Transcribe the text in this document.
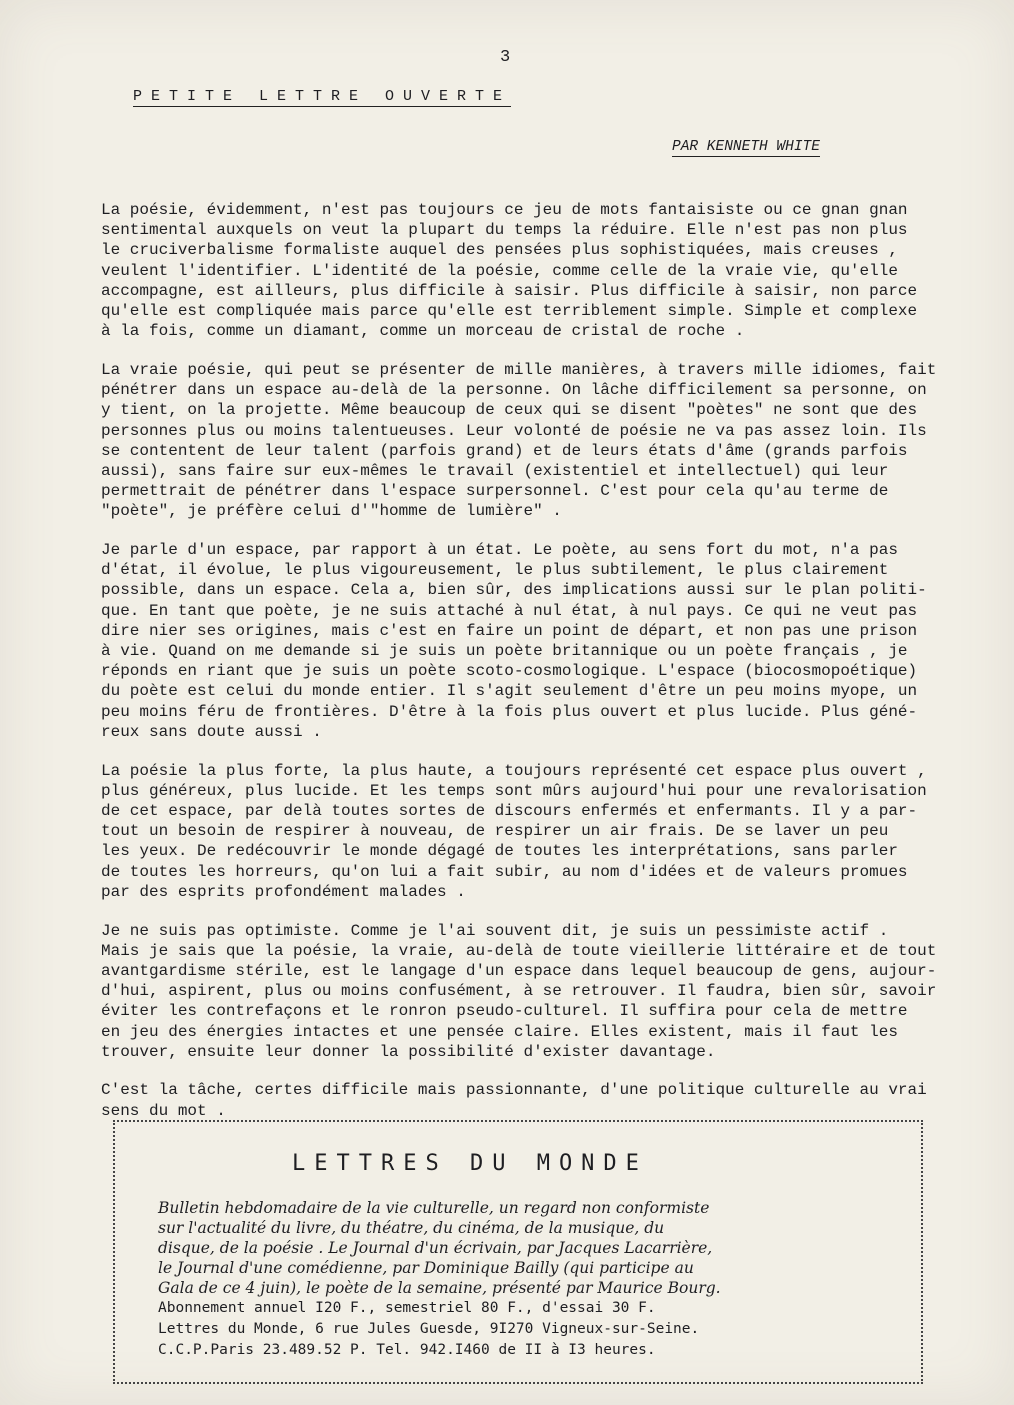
3
PETITE LETTRE OUVERTE
PAR KENNETH WHITE
La poésie, évidemment, n'est pas toujours ce jeu de mots fantaisiste ou ce gnan gnan
sentimental auxquels on veut la plupart du temps la réduire. Elle n'est pas non plus
le cruciverbalisme formaliste auquel des pensées plus sophistiquées, mais creuses ,
veulent l'identifier. L'identité de la poésie, comme celle de la vraie vie, qu'elle
accompagne, est ailleurs, plus difficile à saisir. Plus difficile à saisir, non parce
qu'elle est compliquée mais parce qu'elle est terriblement simple. Simple et complexe
à la fois, comme un diamant, comme un morceau de cristal de roche .
La vraie poésie, qui peut se présenter de mille manières, à travers mille idiomes, fait
pénétrer dans un espace au-delà de la personne. On lâche difficilement sa personne, on
y tient, on la projette. Même beaucoup de ceux qui se disent "poètes" ne sont que des
personnes plus ou moins talentueuses. Leur volonté de poésie ne va pas assez loin. Ils
se contentent de leur talent (parfois grand) et de leurs états d'âme (grands parfois
aussi), sans faire sur eux-mêmes le travail (existentiel et intellectuel) qui leur
permettrait de pénétrer dans l'espace surpersonnel. C'est pour cela qu'au terme de
"poète", je préfère celui d'"homme de lumière" .
Je parle d'un espace, par rapport à un état. Le poète, au sens fort du mot, n'a pas
d'état, il évolue, le plus vigoureusement, le plus subtilement, le plus clairement
possible, dans un espace. Cela a, bien sûr, des implications aussi sur le plan politi-
que. En tant que poète, je ne suis attaché à nul état, à nul pays. Ce qui ne veut pas
dire nier ses origines, mais c'est en faire un point de départ, et non pas une prison
à vie. Quand on me demande si je suis un poète britannique ou un poète français , je
réponds en riant que je suis un poète scoto-cosmologique. L'espace (biocosmopoétique)
du poète est celui du monde entier. Il s'agit seulement d'être un peu moins myope, un
peu moins féru de frontières. D'être à la fois plus ouvert et plus lucide. Plus géné-
reux sans doute aussi .
La poésie la plus forte, la plus haute, a toujours représenté cet espace plus ouvert ,
plus généreux, plus lucide. Et les temps sont mûrs aujourd'hui pour une revalorisation
de cet espace, par delà toutes sortes de discours enfermés et enfermants. Il y a par-
tout un besoin de respirer à nouveau, de respirer un air frais. De se laver un peu
les yeux. De redécouvrir le monde dégagé de toutes les interprétations, sans parler
de toutes les horreurs, qu'on lui a fait subir, au nom d'idées et de valeurs promues
par des esprits profondément malades .
Je ne suis pas optimiste. Comme je l'ai souvent dit, je suis un pessimiste actif .
Mais je sais que la poésie, la vraie, au-delà de toute vieillerie littéraire et de tout
avantgardisme stérile, est le langage d'un espace dans lequel beaucoup de gens, aujour-
d'hui, aspirent, plus ou moins confusément, à se retrouver. Il faudra, bien sûr, savoir
éviter les contrefaçons et le ronron pseudo-culturel. Il suffira pour cela de mettre
en jeu des énergies intactes et une pensée claire. Elles existent, mais il faut les
trouver, ensuite leur donner la possibilité d'exister davantage.
C'est la tâche, certes difficile mais passionnante, d'une politique culturelle au vrai
sens du mot .
LETTRES DU MONDE
Bulletin hebdomadaire de la vie culturelle, un regard non conformiste
sur l'actualité du livre, du théatre, du cinéma, de la musique, du
disque, de la poésie . Le Journal d'un écrivain, par Jacques Lacarrière,
le Journal d'une comédienne, par Dominique Bailly (qui participe au
Gala de ce 4 juin), le poète de la semaine, présenté par Maurice Bourg.
Abonnement annuel I20 F., semestriel 80 F., d'essai 30 F.
Lettres du Monde, 6 rue Jules Guesde, 9I270 Vigneux-sur-Seine.
C.C.P.Paris 23.489.52 P. Tel. 942.I460 de II à I3 heures.
